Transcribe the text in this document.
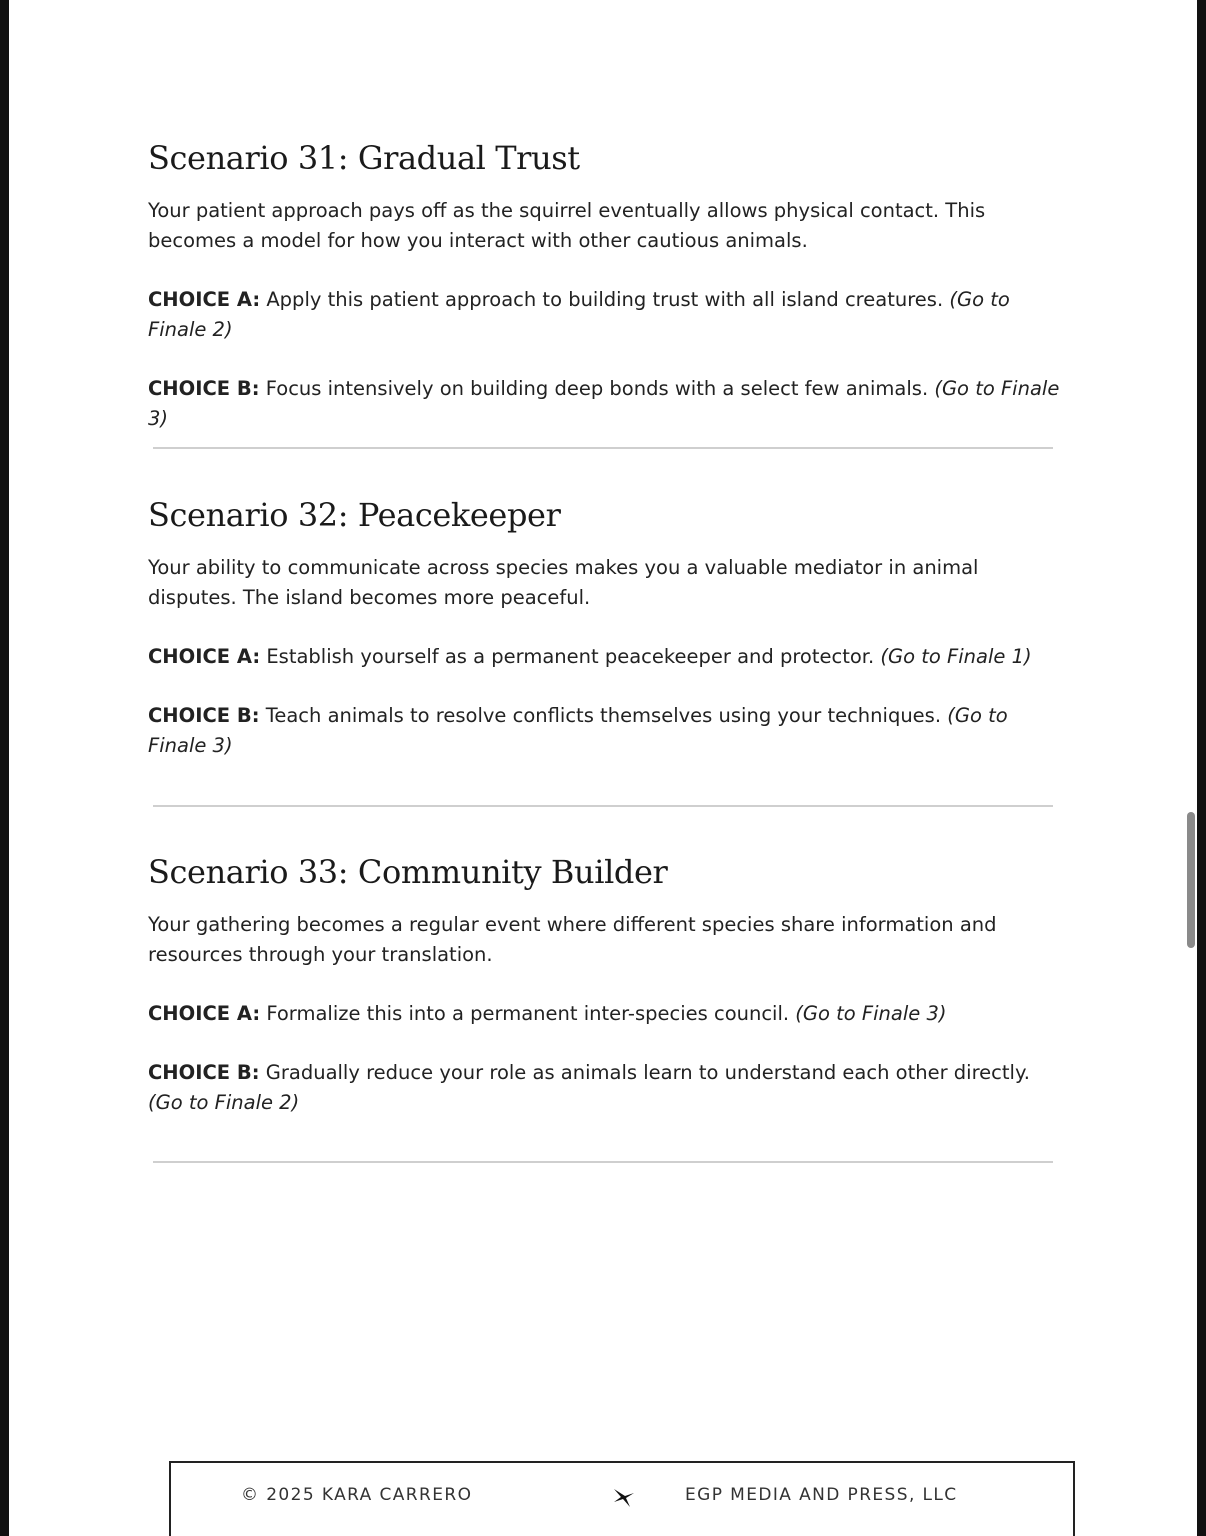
Scenario 31: Gradual Trust

Your patient approach pays off as the squirrel eventually allows physical contact. This becomes a model for how you interact with other cautious animals.

CHOICE A: Apply this patient approach to building trust with all island creatures. (Go to Finale 2)

CHOICE B: Focus intensively on building deep bonds with a select few animals. (Go to Finale 3)

Scenario 32: Peacekeeper

Your ability to communicate across species makes you a valuable mediator in animal disputes. The island becomes more peaceful.

CHOICE A: Establish yourself as a permanent peacekeeper and protector. (Go to Finale 1)

CHOICE B: Teach animals to resolve conflicts themselves using your techniques. (Go to Finale 3)

Scenario 33: Community Builder

Your gathering becomes a regular event where different species share information and resources through your translation.

CHOICE A: Formalize this into a permanent inter-species council. (Go to Finale 3)

CHOICE B: Gradually reduce your role as animals learn to understand each other directly. (Go to Finale 2)

© 2025 KARA CARRERO	EGP MEDIA AND PRESS, LLC
